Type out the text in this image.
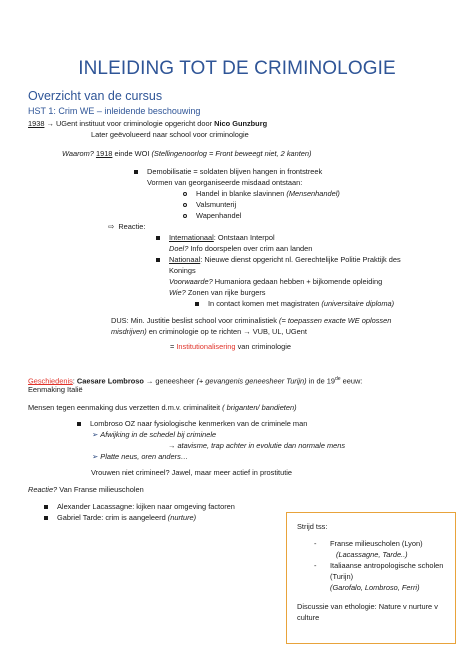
INLEIDING TOT DE CRIMINOLOGIE
Overzicht van de cursus
HST 1: Crim WE – inleidende beschouwing
1938 → UGent instituut voor criminologie opgericht door Nico Gunzburg
Later geëvolueerd naar school voor criminologie
Waarom? 1918 einde WOI (Stellingenoorlog = Front beweegt niet, 2 kanten)
Demobilisatie = soldaten blijven hangen in frontstreek
Vormen van georganiseerde misdaad ontstaan:
Handel in blanke slavinnen (Mensenhandel)
Valsmunterij
Wapenhandel
⇨ Reactie:
Internationaal: Ontstaan Interpol
Doel? Info doorspelen over crim aan landen
Nationaal: Nieuwe dienst opgericht nl. Gerechtelijke Politie Praktijk des
Konings
Voorwaarde? Humaniora gedaan hebben + bijkomende opleiding
Wie? Zonen van rijke burgers
In contact komen met magistraten (universitaire diploma)
DUS: Min. Justitie beslist school voor criminalistiek (= toepassen exacte WE oplossen
misdrijven) en criminologie op te richten → VUB, UL, UGent
= Institutionalisering van criminologie
Geschiedenis: Caesare Lombroso → geneesheer (+ gevangenis geneesheer Turijn) in de 19de eeuw:
Eenmaking Italië
Mensen tegen eenmaking dus verzetten d.m.v. criminaliteit ( briganten/ bandieten)
Lombroso OZ naar fysiologische kenmerken van de criminele man
➢ Afwijking in de schedel bij criminele
→ atavisme, trap achter in evolutie dan normale mens
➢ Platte neus, oren anders…
Vrouwen niet crimineel? Jawel, maar meer actief in prostitutie
Reactie? Van Franse milieuscholen
Alexander Lacassagne: kijken naar omgeving factoren
Gabriel Tarde: crim is aangeleerd (nurture)
Strijd tss:
- Franse milieuscholen (Lyon)
(Lacassagne, Tarde..)
- Italiaanse antropologische scholen
(Turijn)
(Garofalo, Lombroso, Ferri)
Discussie van ethologie: Nature v nurture v
culture
